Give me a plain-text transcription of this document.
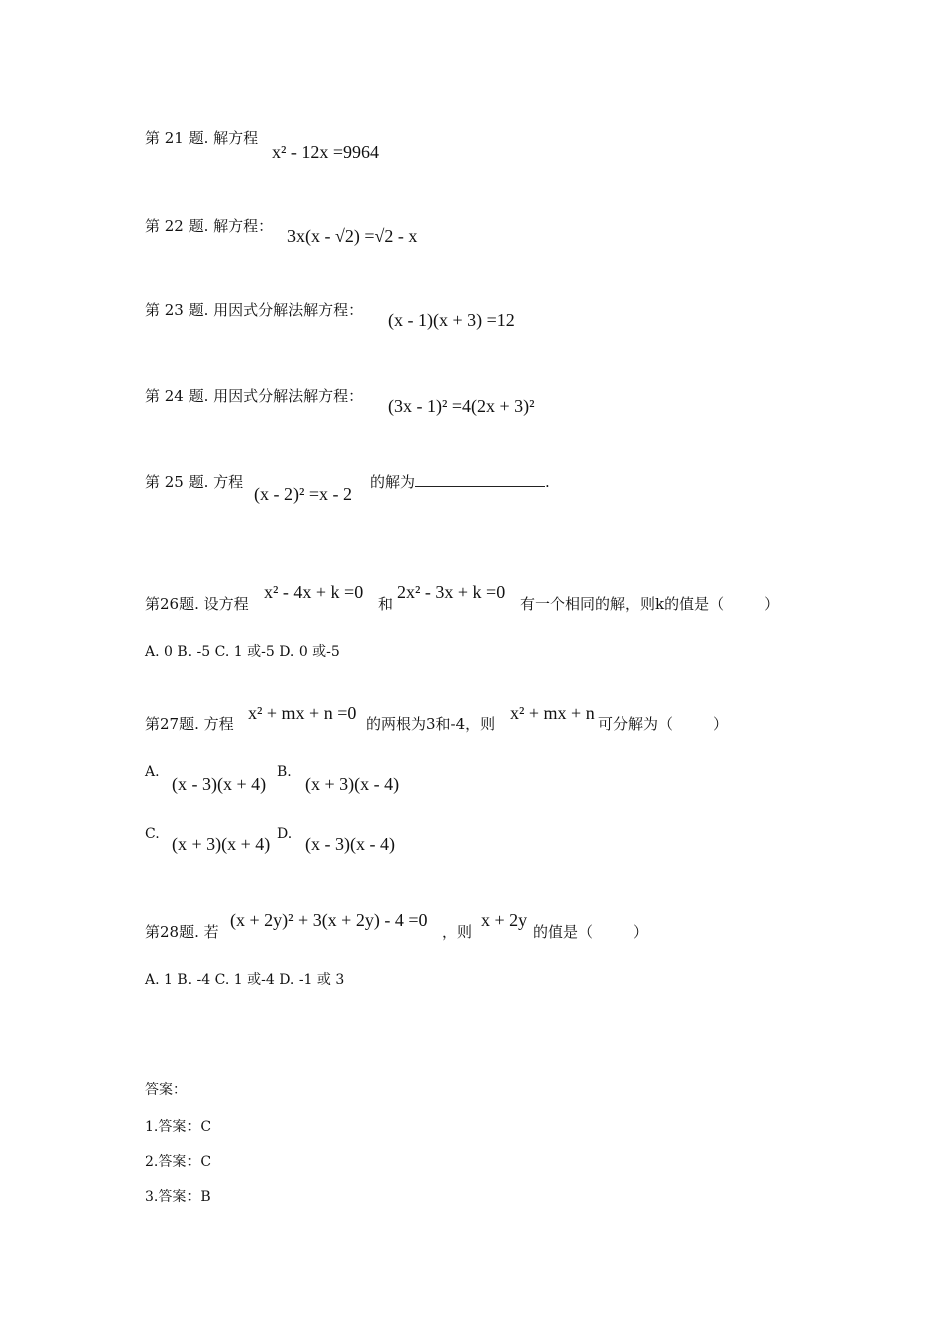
第 21 题. 解方程
x² - 12x =9964
第 22 题. 解方程： 3x(x - √2) =√2 - x
第 23 题. 用因式分解法解方程： (x - 1)(x + 3) =12
第 24 题. 用因式分解法解方程： (3x - 1)² =4(2x + 3)²
第 25 题. 方程
(x - 2)² =x - 2
的解为	.
第26题. 设方程
x² - 4x + k =0
和
2x² - 3x + k =0
有一个相同的解，则k的值是（	）
A. 0 B. -5 C. 1 或-5 D. 0 或-5
第27题. 方程
x² + mx + n =0
的两根为3和-4，则
x² + mx + n
可分解为（	）
A.
(x - 3)(x + 4)
B.
(x + 3)(x - 4)
C. (x + 3)(x + 4) D. (x - 3)(x - 4)
第28题. 若
(x + 2y)² + 3(x + 2y) - 4 =0
，则
x + 2y
的值是（	）
A. 1 B. -4 C. 1 或-4 D. -1 或 3
答案：
1.答案：C
2.答案：C
3.答案：B
